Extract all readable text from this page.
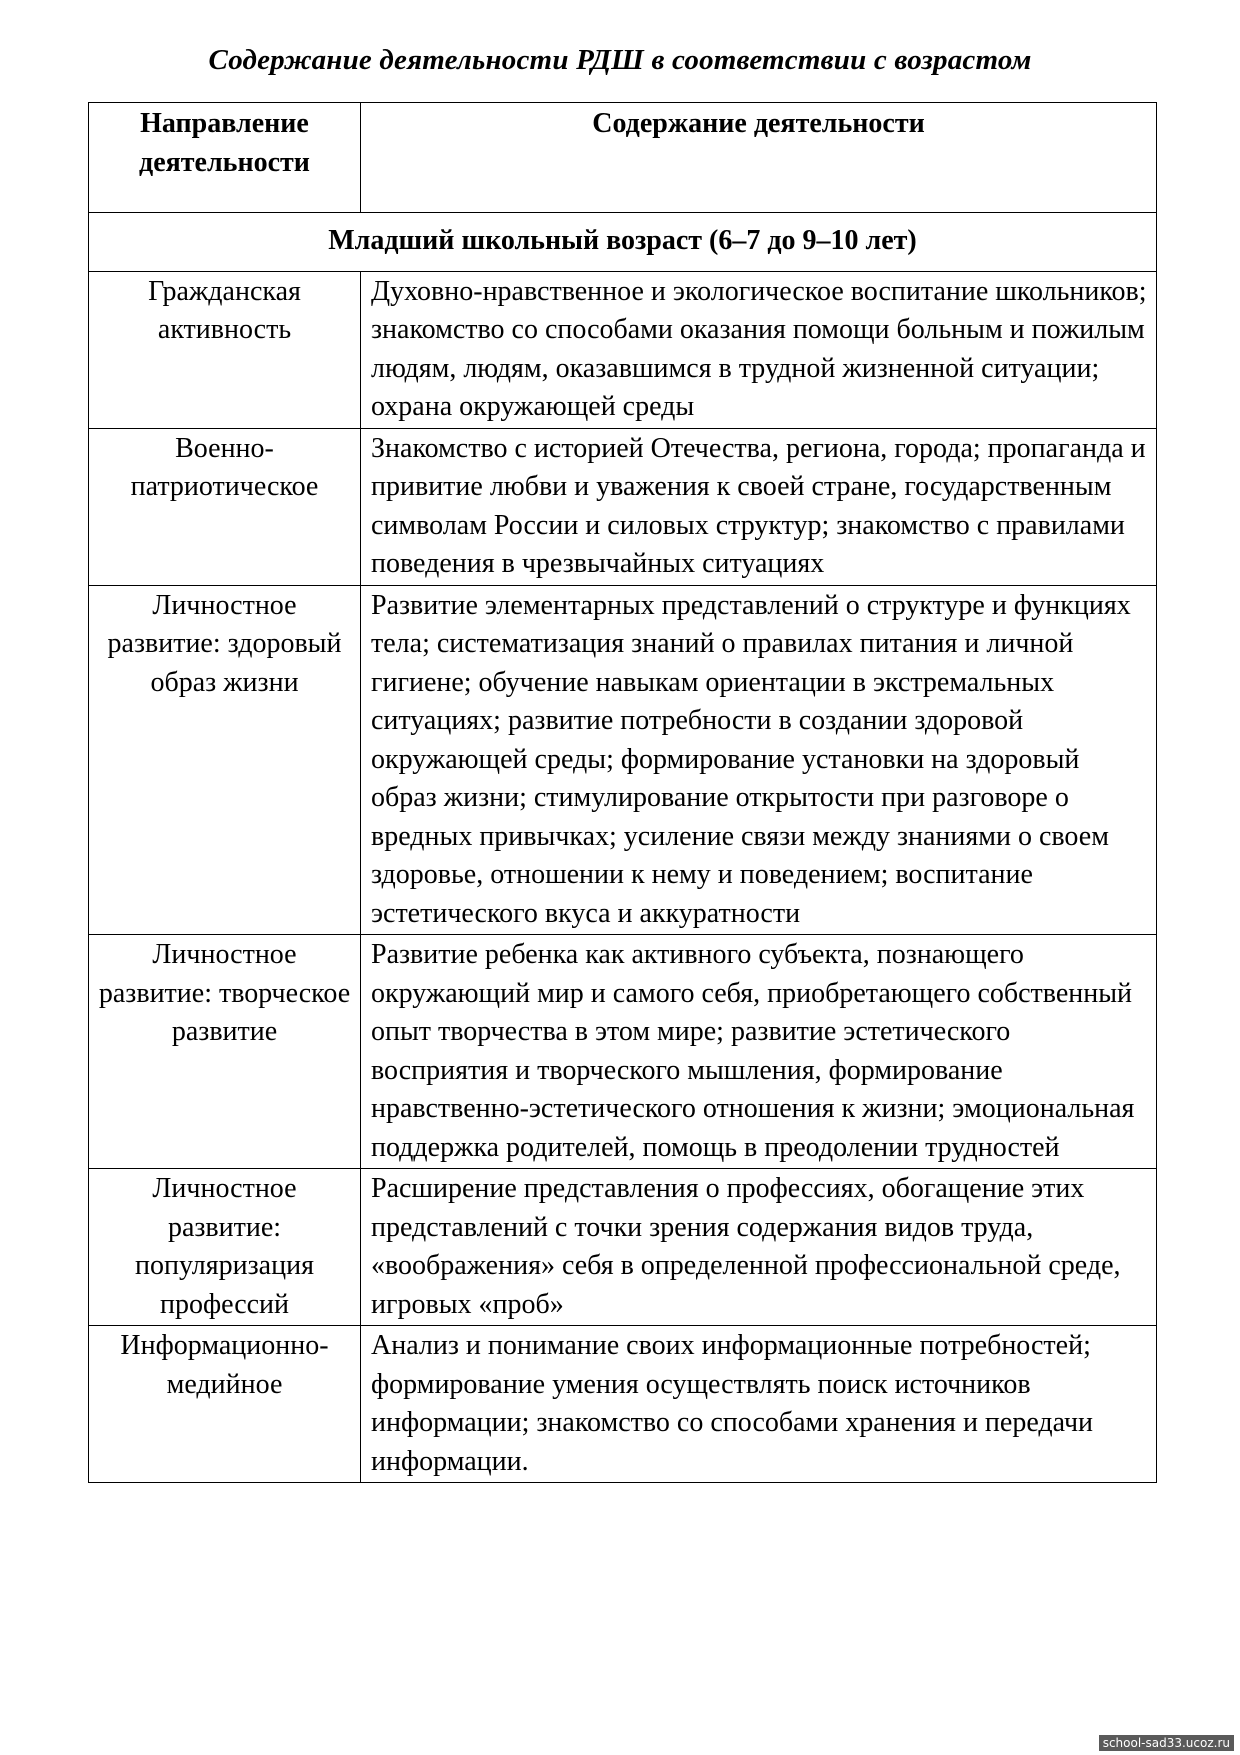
Содержание деятельности РДШ в соответствии с возрастом
Направление деятельности	Содержание деятельности
Младший школьный возраст (6–7 до 9–10 лет)	
Гражданская активность	Духовно-нравственное и экологическое воспитание школьников; знакомство со способами оказания помощи больным и пожилым людям, людям, оказавшимся в трудной жизненной ситуации; охрана окружающей среды
Военно-патриотическое	Знакомство с историей Отечества, региона, города; пропаганда и привитие любви и уважения к своей стране, государственным символам России и силовых структур; знакомство с правилами поведения в чрезвычайных ситуациях
Личностное развитие: здоровый образ жизни	Развитие элементарных представлений о структуре и функциях тела; систематизация знаний о правилах питания и личной гигиене; обучение навыкам ориентации в экстремальных ситуациях; развитие потребности в создании здоровой окружающей среды; формирование установки на здоровый образ жизни; стимулирование открытости при разговоре о вредных привычках; усиление связи между знаниями о своем здоровье, отношении к нему и поведением; воспитание эстетического вкуса и аккуратности
Личностное развитие: творческое развитие	Развитие ребенка как активного субъекта, познающего окружающий мир и самого себя, приобретающего собственный опыт творчества в этом мире; развитие эстетического восприятия и творческого мышления, формирование нравственно-эстетического отношения к жизни; эмоциональная поддержка родителей, помощь в преодолении трудностей
Личностное развитие: популяризация профессий	Расширение представления о профессиях, обогащение этих представлений с точки зрения содержания видов труда, «воображения» себя в определенной профессиональной среде, игровых «проб»
Информационно-медийное	Анализ и понимание своих информационные потребностей; формирование умения осуществлять поиск источников информации; знакомство со способами хранения и передачи информации.
school-sad33.ucoz.ru
